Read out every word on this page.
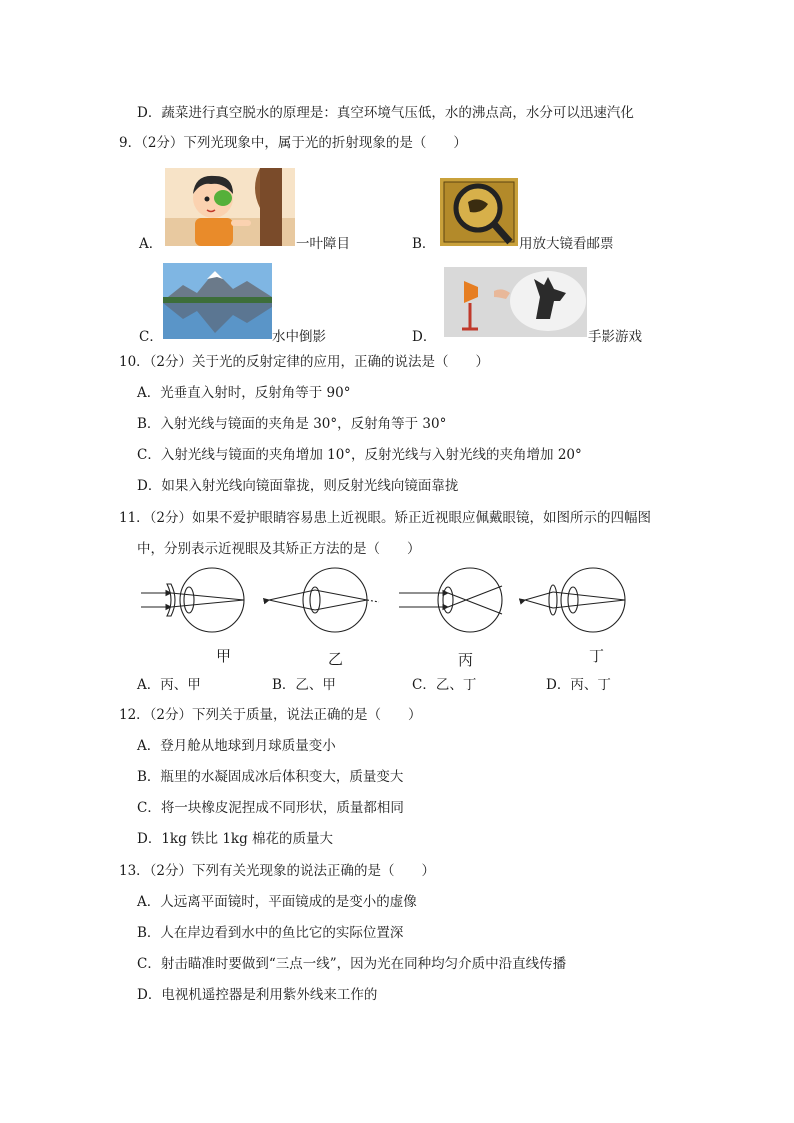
D．蔬菜进行真空脱水的原理是：真空环境气压低，水的沸点高，水分可以迅速汽化
9．（2分）下列光现象中，属于光的折射现象的是（　　）
A．	一叶障目	B．	用放大镜看邮票
C．	水中倒影	D．	手影游戏
10．（2分）关于光的反射定律的应用，正确的说法是（　　）
A．光垂直入射时，反射角等于 90°
B．入射光线与镜面的夹角是 30°，反射角等于 30°
C．入射光线与镜面的夹角增加 10°，反射光线与入射光线的夹角增加 20°
D．如果入射光线向镜面靠拢，则反射光线向镜面靠拢
11．（2分）如果不爱护眼睛容易患上近视眼。矫正近视眼应佩戴眼镜，如图所示的四幅图
中，分别表示近视眼及其矫正方法的是（　　）
甲	乙	丙	丁
A．丙、甲	B．乙、甲	C．乙、丁	D．丙、丁
12．（2分）下列关于质量，说法正确的是（　　）
A．登月舱从地球到月球质量变小
B．瓶里的水凝固成冰后体积变大，质量变大
C．将一块橡皮泥捏成不同形状，质量都相同
D．1kg 铁比 1kg 棉花的质量大
13．（2分）下列有关光现象的说法正确的是（　　）
A．人远离平面镜时，平面镜成的是变小的虚像
B．人在岸边看到水中的鱼比它的实际位置深
C．射击瞄准时要做到“三点一线”，因为光在同种均匀介质中沿直线传播
D．电视机遥控器是利用紫外线来工作的
